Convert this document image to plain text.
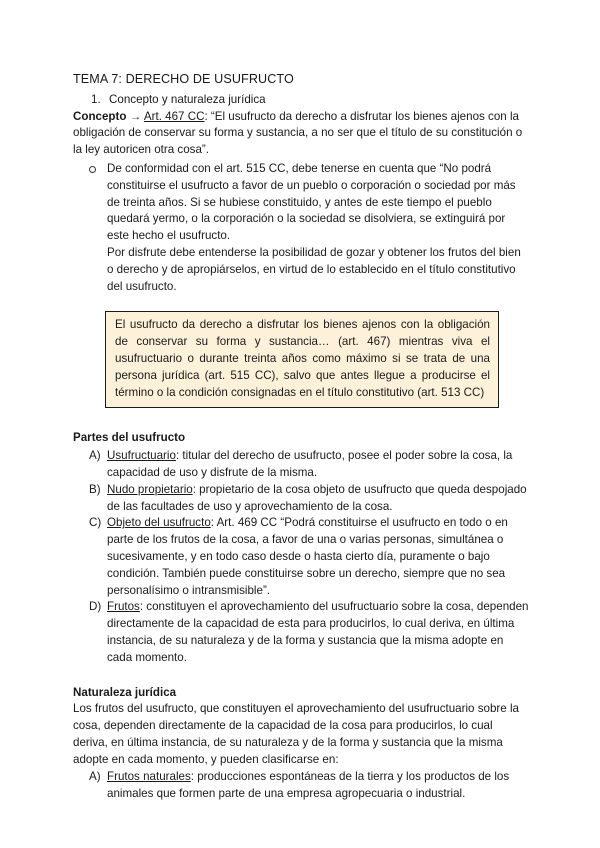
TEMA 7: DERECHO DE USUFRUCTO

1. Concepto y naturaleza jurídica

Concepto → Art. 467 CC: “El usufructo da derecho a disfrutar los bienes ajenos con la obligación de conservar su forma y sustancia, a no ser que el título de su constitución o la ley autoricen otra cosa”.

De conformidad con el art. 515 CC, debe tenerse en cuenta que “No podrá constituirse el usufructo a favor de un pueblo o corporación o sociedad por más de treinta años. Si se hubiese constituido, y antes de este tiempo el pueblo quedará yermo, o la corporación o la sociedad se disolviera, se extinguirá por este hecho el usufructo.

Por disfrute debe entenderse la posibilidad de gozar y obtener los frutos del bien o derecho y de apropiárselos, en virtud de lo establecido en el título constitutivo del usufructo.

El usufructo da derecho a disfrutar los bienes ajenos con la obligación de conservar su forma y sustancia… (art. 467) mientras viva el usufructuario o durante treinta años como máximo si se trata de una persona jurídica (art. 515 CC), salvo que antes llegue a producirse el término o la condición consignadas en el título constitutivo (art. 513 CC)

Partes del usufructo

A) Usufructuario: titular del derecho de usufructo, posee el poder sobre la cosa, la capacidad de uso y disfrute de la misma.
B) Nudo propietario: propietario de la cosa objeto de usufructo que queda despojado de las facultades de uso y aprovechamiento de la cosa.
C) Objeto del usufructo: Art. 469 CC “Podrá constituirse el usufructo en todo o en parte de los frutos de la cosa, a favor de una o varias personas, simultánea o sucesivamente, y en todo caso desde o hasta cierto día, puramente o bajo condición. También puede constituirse sobre un derecho, siempre que no sea personalísimo o intransmisible”.
D) Frutos: constituyen el aprovechamiento del usufructuario sobre la cosa, dependen directamente de la capacidad de esta para producirlos, lo cual deriva, en última instancia, de su naturaleza y de la forma y sustancia que la misma adopte en cada momento.

Naturaleza jurídica

Los frutos del usufructo, que constituyen el aprovechamiento del usufructuario sobre la cosa, dependen directamente de la capacidad de la cosa para producirlos, lo cual deriva, en última instancia, de su naturaleza y de la forma y sustancia que la misma adopte en cada momento, y pueden clasificarse en:

A) Frutos naturales: producciones espontáneas de la tierra y los productos de los animales que formen parte de una empresa agropecuaria o industrial.
